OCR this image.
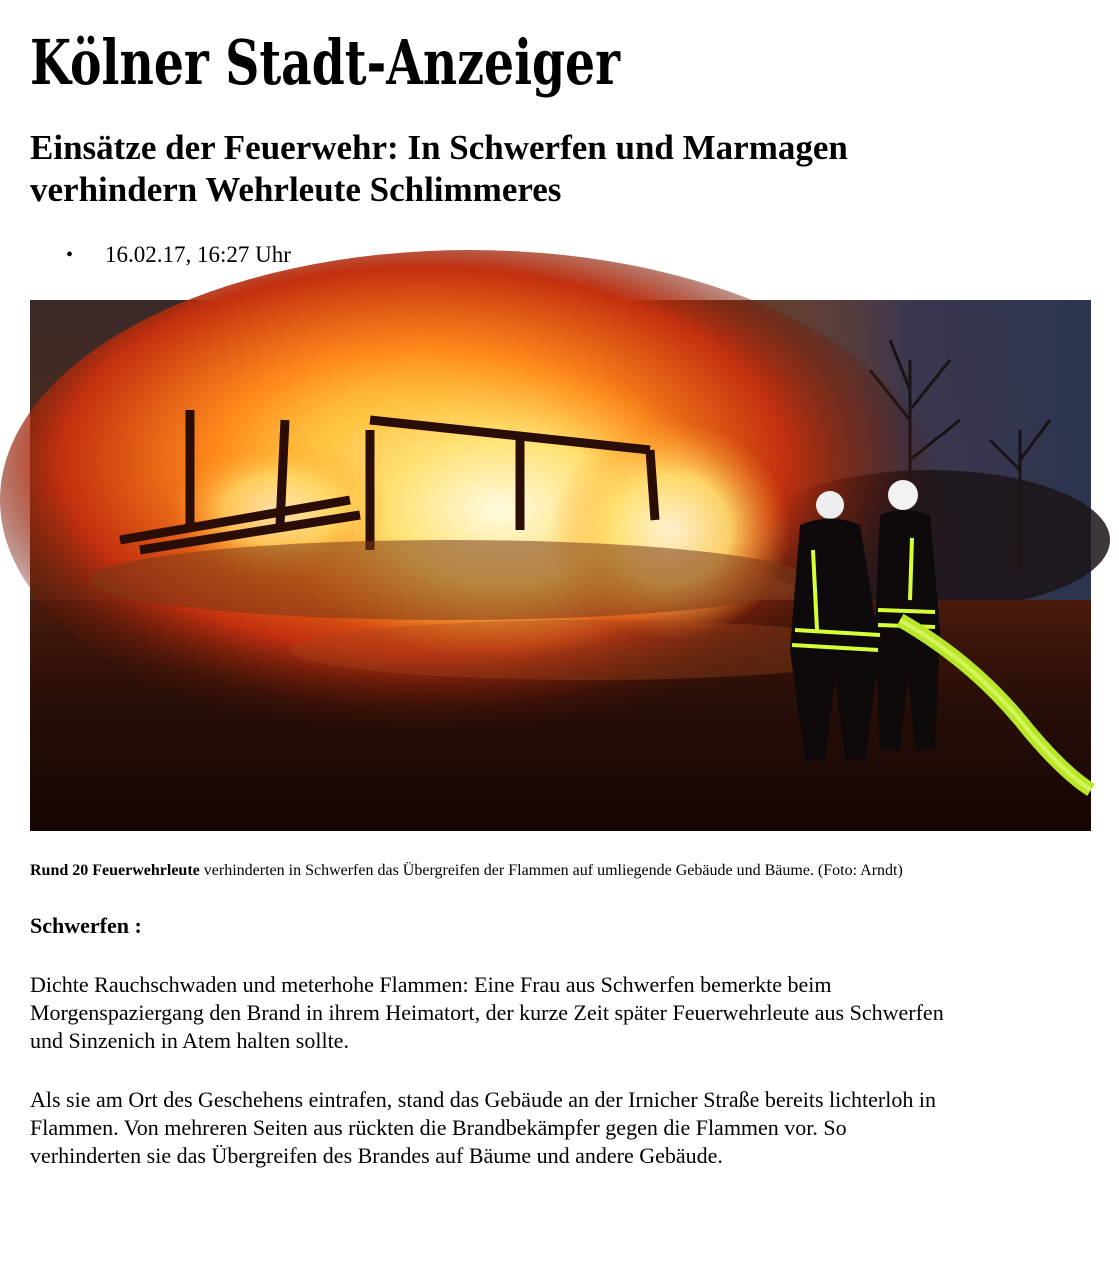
Kölner Stadt-Anzeiger
Einsätze der Feuerwehr: In Schwerfen und Marmagen
verhindern Wehrleute Schlimmeres
• 16.02.17, 16:27 Uhr
Rund 20 Feuerwehrleute verhinderten in Schwerfen das Übergreifen der Flammen auf umliegende Gebäude und Bäume. (Foto: Arndt)
Schwerfen :

Dichte Rauchschwaden und meterhohe Flammen: Eine Frau aus Schwerfen bemerkte beim
Morgenspaziergang den Brand in ihrem Heimatort, der kurze Zeit später Feuerwehrleute aus Schwerfen
und Sinzenich in Atem halten sollte.

Als sie am Ort des Geschehens eintrafen, stand das Gebäude an der Irnicher Straße bereits lichterloh in
Flammen. Von mehreren Seiten aus rückten die Brandbekämpfer gegen die Flammen vor. So
verhinderten sie das Übergreifen des Brandes auf Bäume und andere Gebäude.
